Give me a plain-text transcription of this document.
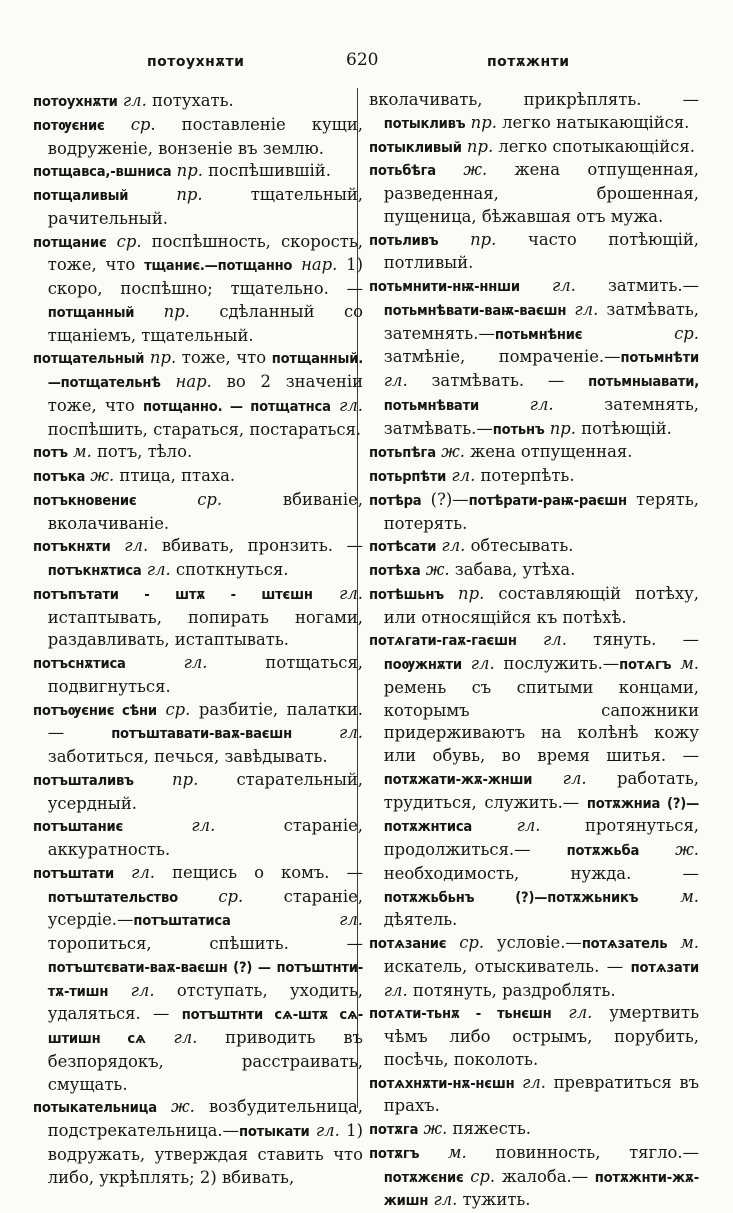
потоухнѫти	620	потѫжнти

потоухнѫти гл. потухать.

потѹєниє ср. поставленіе кущи, водруженіе, вонзеніе въ землю.

потщавса,-вшниса пр. поспѣшившій.

потщаливый пр. тщательный, рачительный.

потщаниє ср. поспѣшность, скорость, тоже, что тщаниє.—потщанно нар. 1) скоро, поспѣшно; тщательно. — потщанный пр. сдѣланный со тщаніемъ, тщательный.

потщательный пр. тоже, что потщанный.—потщательнѣ нар. во 2 значеніи тоже, что потщанно. — потщатнса гл. поспѣшить, стараться, постараться.

потъ м. потъ, тѣло.

потъка ж. птица, птаха.

потъкновениє ср. вбиваніе, вколачиваніе.

потъкнѫти гл. вбивать, пронзить. — потъкнѫтиса гл. споткнуться.

потъпътати - штѫ - штєшн гл. истаптывать, попирать ногами, раздавливать, истаптывать.

потъснѫтиса гл. потщаться, подвигнуться.

потъѹєниє сѣни ср. разбитіе, палатки. — потъштавати-ваѫ-ваєшн гл. заботиться, печься, завѣдывать.

потъшталивъ пр. старательный, усердный.

потъштаниє гл. стараніе, аккуратность.

потъштати гл. пещись о комъ. — потъштательство ср. стараніе, усердіе.—потъштатиса гл. торопиться, спѣшить. — потъштєвати-ваѫ-ваєшн (?) — потъштнти-тѫ-тишн гл. отступать, уходить, удаляться. — потъштнти сѧ-штѫ сѧ-штишн сѧ гл. приводить въ безпорядокъ, расстраивать, смущать.

потыкательница ж. возбудительница, подстрекательница.—потыкати гл. 1) водружать, утверждая ставить что либо, укрѣплять; 2) вбивать,

вколачивать, прикрѣплять. — потыкливъ пр. легко натыкающійся.

потыкливый пр. легко спотыкающійся.

потьбѣга ж. жена отпущенная, разведенная, брошенная, пущеница, бѣжавшая отъ мужа.

потьливъ пр. часто потѣющій, потливый.

потьмнити-нѭ-ннши гл. затмить.— потьмнѣвати-ваѭ-ваєшн гл. затмѣвать, затемнять.—потьмнѣниє ср. затмѣніе, помраченіе.—потьмнѣти гл. затмѣвать. — потьмныавати, потьмнѣвати гл. затемнять, затмѣвать.—потьнъ пр. потѣющій.

потьпѣга ж. жена отпущенная.

потьрпѣти гл. потерпѣть.

потѣра (?)—потѣрати-раѭ-раєшн терять, потерять.

потѣсати гл. обтесывать.

потѣха ж. забава, утѣха.

потѣшьнъ пр. составляющій потѣху, или относящійся къ потѣхѣ.

потѧгати-гаѫ-гаєшн гл. тянуть. — поѹжнѫти гл. послужить.—потѧгъ м. ремень съ спитыми концами, которымъ сапожники придерживаютъ на колѣнѣ кожу или обувь, во время шитья. — потѫжати-жѫ-жнши гл. работать, трудиться, служить.— потѫжниа (?)—потѫжнтиса гл. протянуться, продолжиться.— потѫжьба ж. необходимость, нужда. — потѫжьбьнъ (?)—потѫжьникъ м. дѣятель.

потѧзаниє ср. условіе.—потѧзатель м. искатель, отыскиватель. — потѧзати гл. потянуть, раздроблять.

потѧти-тьнѫ - тьнєшн гл. умертвить чѣмъ либо острымъ, порубить, посѣчь, поколоть.

потѧхнѫти-нѫ-нєшн гл. превратиться въ прахъ.

потѫга ж. пяжесть.

потѫгъ м. повинность, тягло.—потѫжєниє ср. жалоба.— потѫжнти-жѫ-жишн гл. тужить.
